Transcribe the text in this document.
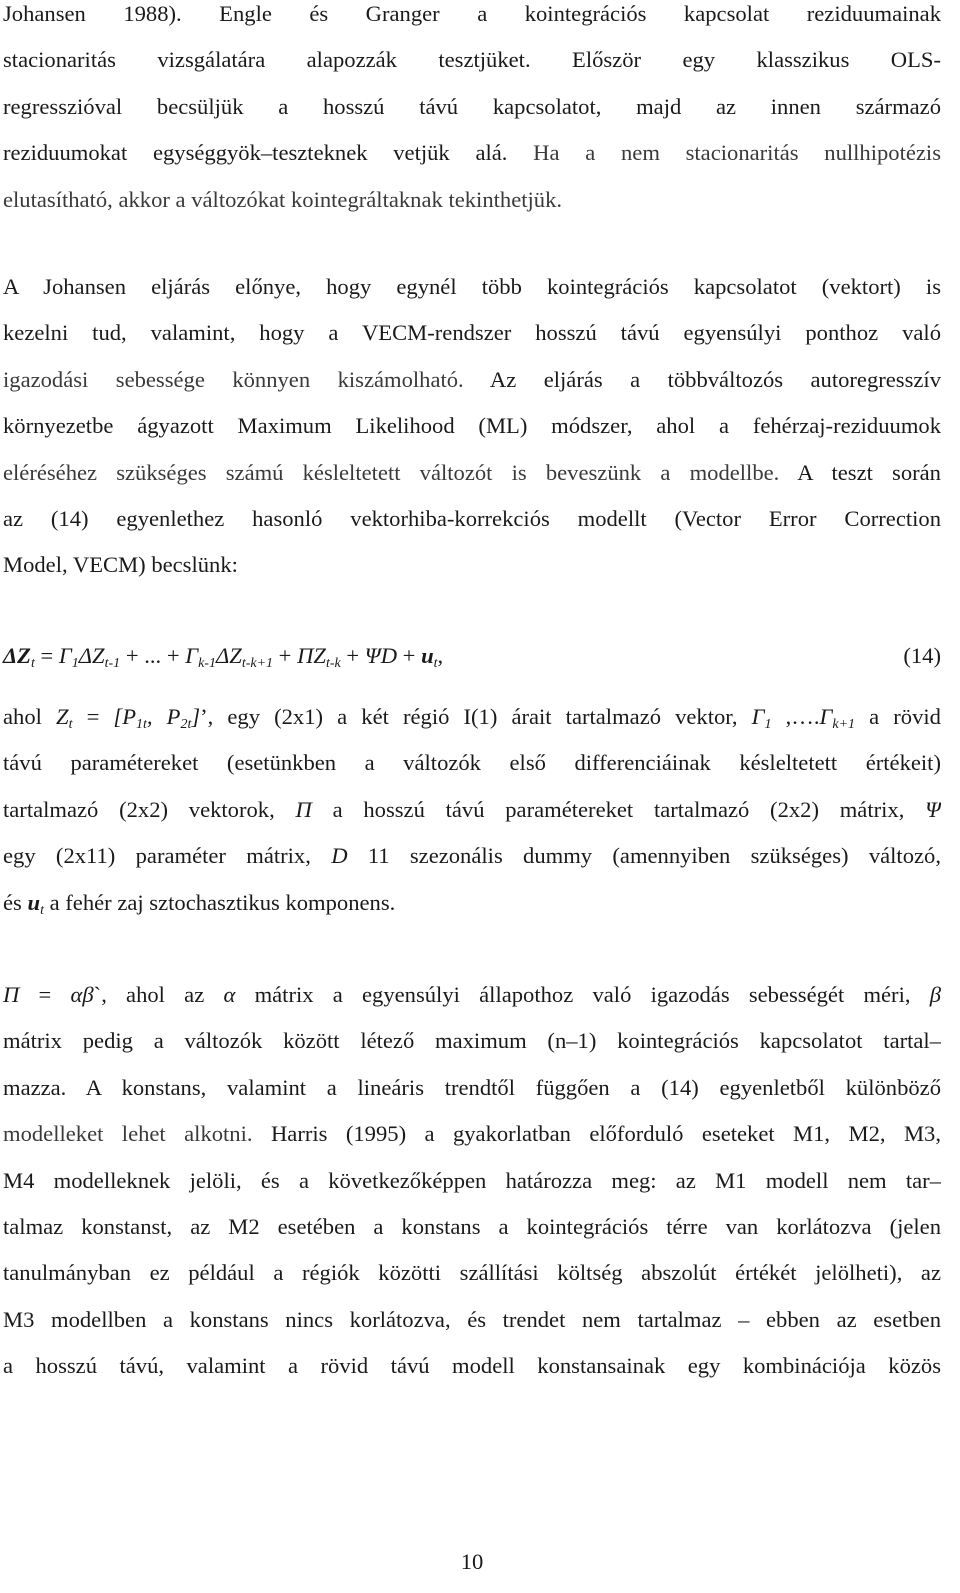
Johansen 1988). Engle és Granger a kointegrációs kapcsolat reziduumainak
stacionaritás vizsgálatára alapozzák tesztjüket. Először egy klasszikus OLS-
regresszióval becsüljük a hosszú távú kapcsolatot, majd az innen származó
reziduumokat egységgyök–teszteknek vetjük alá. Ha a nem stacionaritás nullhipotézis
elutasítható, akkor a változókat kointegráltaknak tekinthetjük.
A Johansen eljárás előnye, hogy egynél több kointegrációs kapcsolatot (vektort) is
kezelni tud, valamint, hogy a VECM-rendszer hosszú távú egyensúlyi ponthoz való
igazodási sebessége könnyen kiszámolható. Az eljárás a többváltozós autoregresszív
környezetbe ágyazott Maximum Likelihood (ML) módszer, ahol a fehérzaj-reziduumok
eléréséhez szükséges számú késleltetett változót is beveszünk a modellbe. A teszt során
az (14) egyenlethez hasonló vektorhiba-korrekciós modellt (Vector Error Correction
Model, VECM) becslünk:
$\Delta Z_t = \Gamma_1\Delta Z_{t-1}$ + ... + $\Gamma_{k-1}\Delta Z_{t-k+1} + \Pi Z_{t-k} + \Psi D + u_t$,	(14)
ahol $Z_t = [P_{1t}$, $P_{2t}$]’, egy (2x1) a két régió I(1) árait tartalmazó vektor, $\Gamma_1$ $,\dots.\Gamma_{k+1}$ a rövid
távú paramétereket (esetünkben a változók első differenciáinak késleltetett értékeit)
tartalmazó (2x2) vektorok, Π a hosszú távú paramétereket tartalmazó (2x2) mátrix, Ψ
egy (2x11) paraméter mátrix, D 11 szezonális dummy (amennyiben szükséges) változó,
és $u_t$ a fehér zaj sztochasztikus komponens.
Π = αβ`, ahol az α mátrix a egyensúlyi állapothoz való igazodás sebességét méri, β
mátrix pedig a változók között létező maximum (n–1) kointegrációs kapcsolatot tartal–
mazza. A konstans, valamint a lineáris trendtől függően a (14) egyenletből különböző
modelleket lehet alkotni. Harris (1995) a gyakorlatban előforduló eseteket M1, M2, M3,
M4 modelleknek jelöli, és a következőképpen határozza meg: az M1 modell nem tar–
talmaz konstanst, az M2 esetében a konstans a kointegrációs térre van korlátozva (jelen
tanulmányban ez például a régiók közötti szállítási költség abszolút értékét jelölheti), az
M3 modellben a konstans nincs korlátozva, és trendet nem tartalmaz – ebben az esetben
a hosszú távú, valamint a rövid távú modell konstansainak egy kombinációja közös
10
